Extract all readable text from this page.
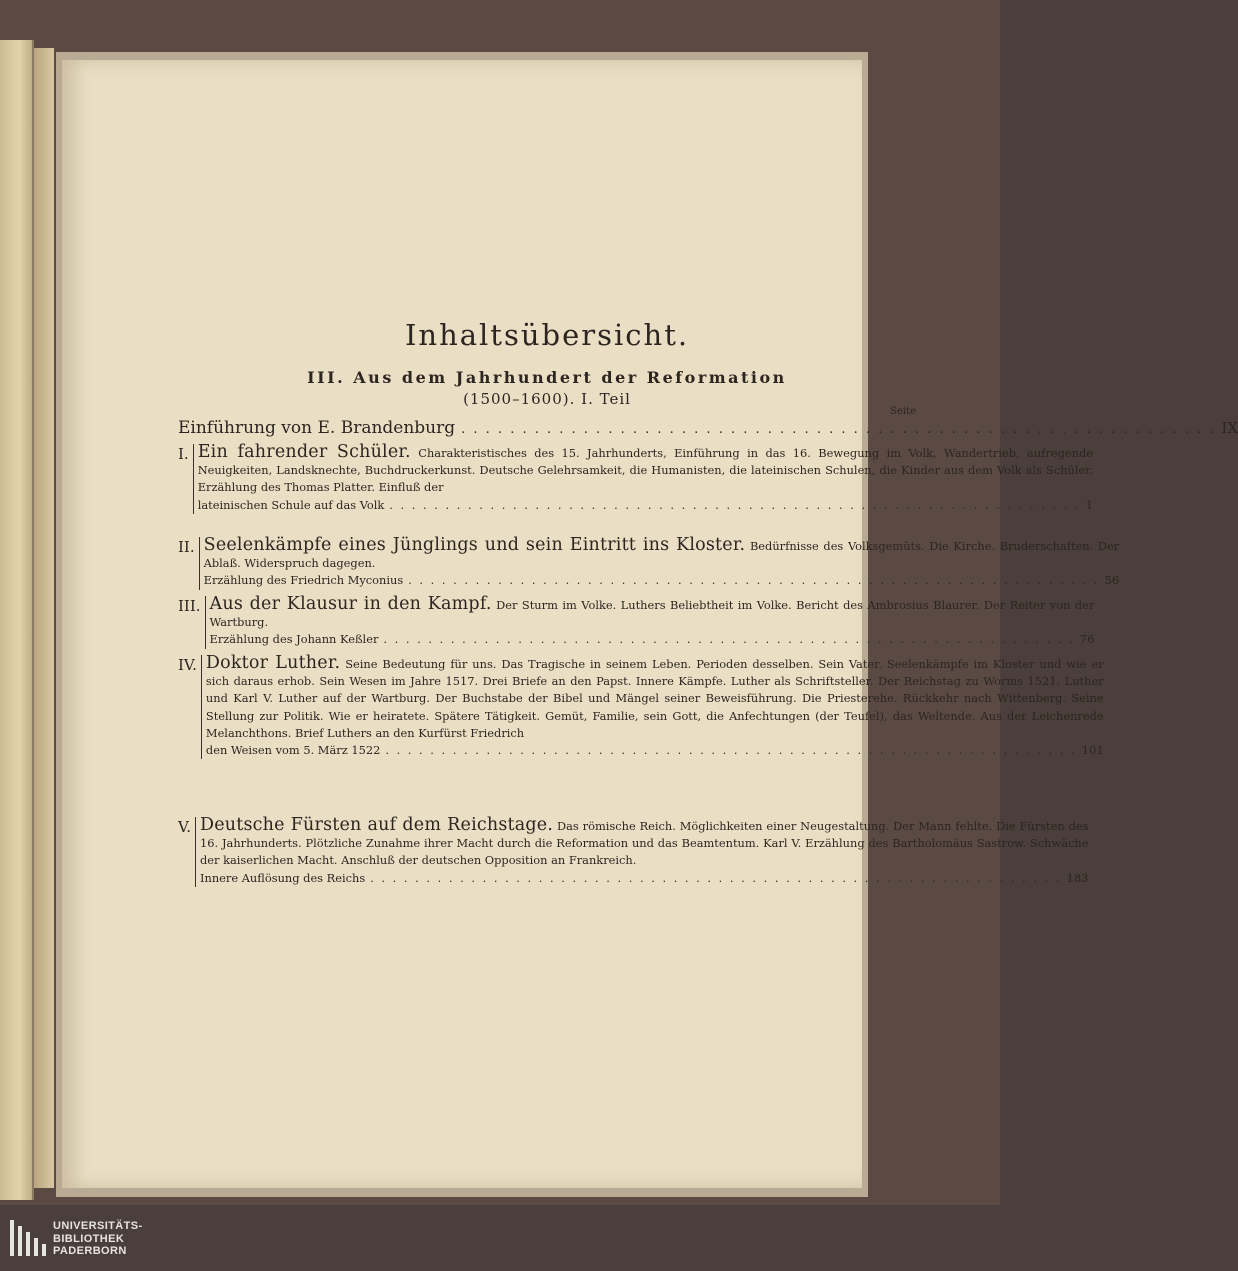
Inhaltsübersicht.
III. Aus dem Jahrhundert der Reformation
(1500–1600). I. Teil
Seite
Einführung von E. Brandenburg . . .	IX
I. Ein fahrender Schüler. Charakteristisches des 15. Jahrhunderts, Einführung in das 16. Bewegung im Volk, Wandertrieb, aufregende Neuigkeiten, Landsknechte, Buchdruckerkunst. Deutsche Gelehrsamkeit, die Humanisten, die lateinischen Schulen, die Kinder aus dem Volk als Schüler. Erzählung des Thomas Platter. Einfluß der
lateinischen Schule auf das Volk . . .	1
II. Seelenkämpfe eines Jünglings und sein Eintritt ins Kloster. Bedürfnisse des Volksgemüts. Die Kirche. Bruderschaften. Der Ablaß. Widerspruch dagegen.
Erzählung des Friedrich Myconius . . .	56
III. Aus der Klausur in den Kampf. Der Sturm im Volke. Luthers Beliebtheit im Volke. Bericht des Ambrosius Blaurer. Der Reiter von der Wartburg.
Erzählung des Johann Keßler . . .	76
IV. Doktor Luther. Seine Bedeutung für uns. Das Tragische in seinem Leben. Perioden desselben. Sein Vater. Seelenkämpfe im Kloster und wie er sich daraus erhob. Sein Wesen im Jahre 1517. Drei Briefe an den Papst. Innere Kämpfe. Luther als Schriftsteller. Der Reichstag zu Worms 1521. Luther und Karl V. Luther auf der Wartburg. Der Buchstabe der Bibel und Mängel seiner Beweisführung. Die Priesterehe. Rückkehr nach Wittenberg. Seine Stellung zur Politik. Wie er heiratete. Spätere Tätigkeit. Gemüt, Familie, sein Gott, die Anfechtungen (der Teufel), das Weltende. Aus der Leichenrede Melanchthons. Brief Luthers an den Kurfürst Friedrich
den Weisen vom 5. März 1522 . . .	101
V. Deutsche Fürsten auf dem Reichstage. Das römische Reich. Möglichkeiten einer Neugestaltung. Der Mann fehlte. Die Fürsten des 16. Jahrhunderts. Plötzliche Zunahme ihrer Macht durch die Reformation und das Beamtentum. Karl V. Erzählung des Bartholomäus Sastrow. Schwäche der kaiserlichen Macht. Anschluß der deutschen Opposition an Frankreich.
Innere Auflösung des Reichs . . .	183
UNIVERSITÄTS-
BIBLIOTHEK
PADERBORN
